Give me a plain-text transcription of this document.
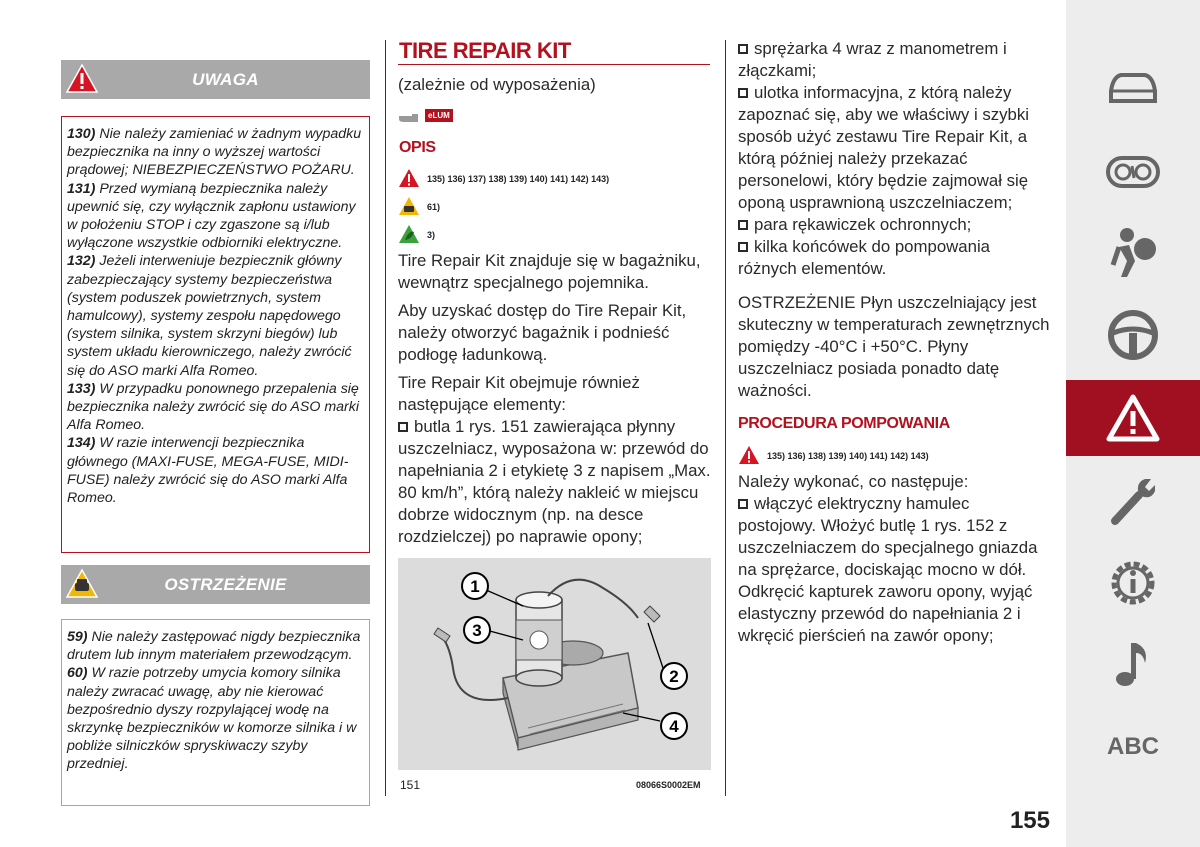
UWAGA

130) Nie należy zamieniać w żadnym wypadku bezpiecznika na inny o wyższej wartości prądowej; NIEBEZPIECZEŃSTWO POŻARU.

131) Przed wymianą bezpiecznika należy upewnić się, czy wyłącznik zapłonu ustawiony w położeniu STOP i czy zgaszone są i/lub wyłączone wszystkie odbiorniki elektryczne.

132) Jeżeli interweniuje bezpiecznik główny zabezpieczający systemy bezpieczeństwa (system poduszek powietrznych, system hamulcowy), systemy zespołu napędowego (system silnika, system skrzyni biegów) lub system układu kierowniczego, należy zwrócić się do ASO marki Alfa Romeo.

133) W przypadku ponownego przepalenia się bezpiecznika należy zwrócić się do ASO marki Alfa Romeo.

134) W razie interwencji bezpiecznika głównego (MAXI-FUSE, MEGA-FUSE, MIDI-FUSE) należy zwrócić się do ASO marki Alfa Romeo.

OSTRZEŻENIE

59) Nie należy zastępować nigdy bezpiecznika drutem lub innym materiałem przewodzącym.

60) W razie potrzeby umycia komory silnika należy zwracać uwagę, aby nie kierować bezpośrednio dyszy rozpylającej wodę na skrzynkę bezpieczników w komorze silnika i w pobliże silniczków spryskiwaczy szyby przedniej.

TIRE REPAIR KIT
(zależnie od wyposażenia)
eLUM
OPIS
135) 136) 137) 138) 139) 140) 141) 142) 143)
61)
3)

Tire Repair Kit znajduje się w bagażniku, wewnątrz specjalnego pojemnika.

Aby uzyskać dostęp do Tire Repair Kit, należy otworzyć bagażnik i podnieść podłogę ładunkową.

Tire Repair Kit obejmuje również następujące elementy:

butla 1 rys. 151 zawierająca płynny uszczelniacz, wyposażona w: przewód do napełniania 2 i etykietę 3 z napisem „Max. 80 km/h”, którą należy nakleić w miejscu dobrze widocznym (np. na desce rozdzielczej) po naprawie opony;

1
3
2
4
151	08066S0002EM

sprężarka 4 wraz z manometrem i złączkami;

ulotka informacyjna, z którą należy zapoznać się, aby we właściwy i szybki sposób użyć zestawu Tire Repair Kit, a którą później należy przekazać personelowi, który będzie zajmował się oponą usprawnioną uszczelniaczem;

para rękawiczek ochronnych;

kilka końcówek do pompowania różnych elementów.

OSTRZEŻENIE Płyn uszczelniający jest skuteczny w temperaturach zewnętrznych pomiędzy -40°C i +50°C. Płyny uszczelniacz posiada ponadto datę ważności.

PROCEDURA POMPOWANIA
135) 136) 138) 139) 140) 141) 142) 143)

Należy wykonać, co następuje:

włączyć elektryczny hamulec postojowy. Włożyć butlę 1 rys. 152 z uszczelniaczem do specjalnego gniazda na sprężarce, dociskając mocno w dół. Odkręcić kapturek zaworu opony, wyjąć elastyczny przewód do napełniania 2 i wkręcić pierścień na zawór opony;

ABC
155
